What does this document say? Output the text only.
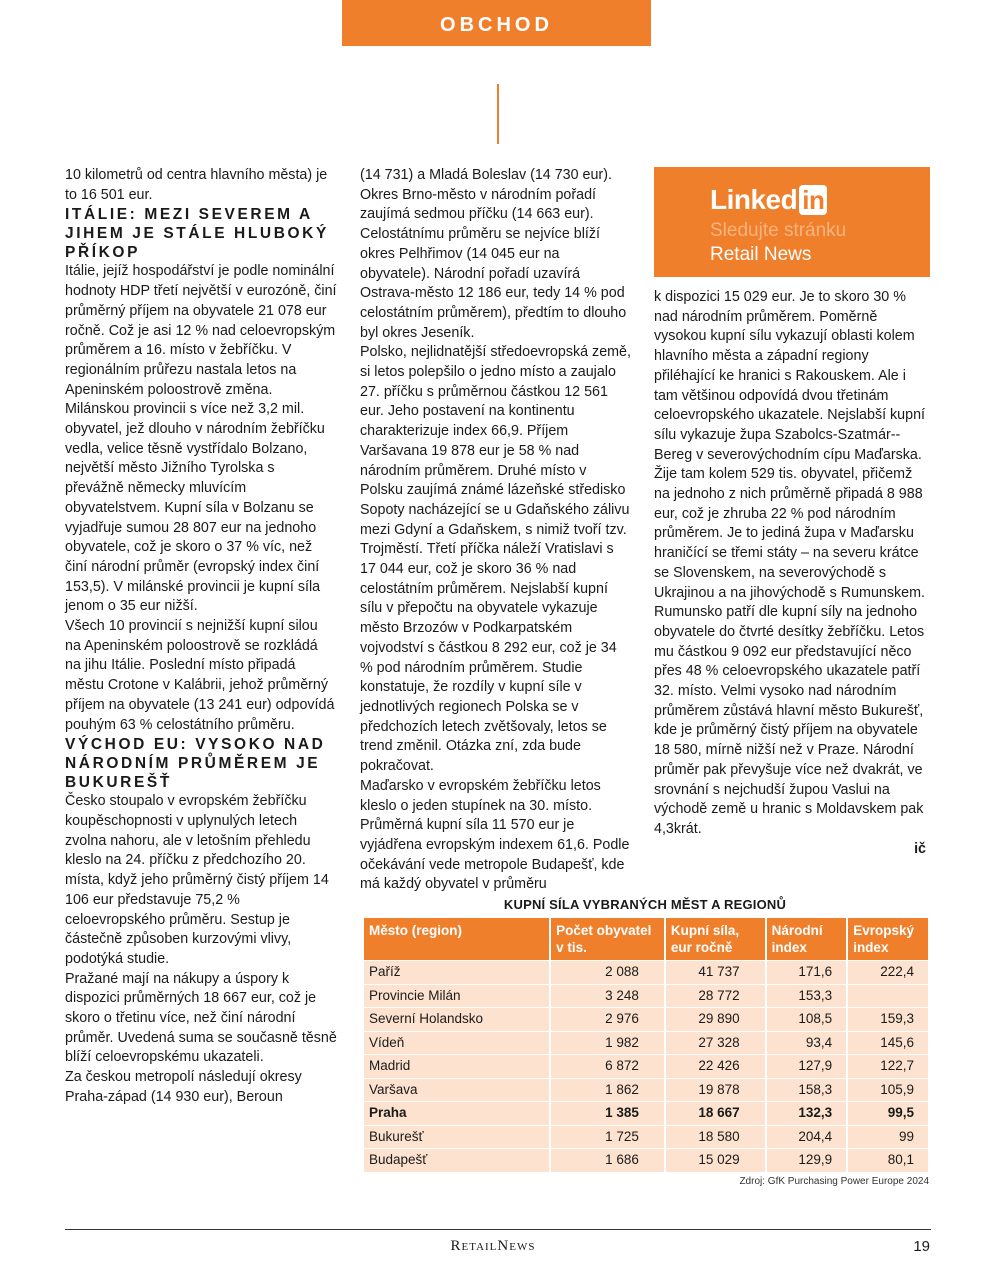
OBCHOD

10 kilometrů od centra hlavního města) je to 16 501 eur.

ITÁLIE: MEZI SEVEREM A JIHEM JE STÁLE HLUBOKÝ PŘÍKOP

Itálie, jejíž hospodářství je podle nominální hodnoty HDP třetí největší v eurozóně, činí průměrný příjem na obyvatele 21 078 eur ročně. Což je asi 12 % nad celoevropským průměrem a 16. místo v žebříčku. V regionálním průřezu nastala letos na Apeninském poloostrově změna. Milánskou provincii s více než 3,2 mil. obyvatel, jež dlouho v národním žebříčku vedla, velice těsně vystřídalo Bolzano, největší město Jižního Tyrolska s převážně německy mluvícím obyvatelstvem. Kupní síla v Bolzanu se vyjadřuje sumou 28 807 eur na jednoho obyvatele, což je skoro o 37 % víc, než činí národní průměr (evropský index činí 153,5). V milánské provincii je kupní síla jenom o 35 eur nižší.

Všech 10 provincií s nejnižší kupní silou na Apeninském poloostrově se rozkládá na jihu Itálie. Poslední místo připadá městu Crotone v Kalábrii, jehož průměrný příjem na obyvatele (13 241 eur) odpovídá pouhým 63 % celostátního průměru.

VÝCHOD EU: VYSOKO NAD NÁRODNÍM PRŮMĚREM JE BUKUREŠŤ

Česko stoupalo v evropském žebříčku koupěschopnosti v uplynulých letech zvolna nahoru, ale v letošním přehledu kleslo na 24. příčku z předchozího 20. místa, když jeho průměrný čistý příjem 14 106 eur představuje 75,2 % celoevropského průměru. Sestup je částečně způsoben kurzovými vlivy, podotýká studie.

Pražané mají na nákupy a úspory k dispozici průměrných 18 667 eur, což je skoro o třetinu více, než činí národní průměr. Uvedená suma se současně těsně blíží celoevropskému ukazateli.

Za českou metropolí následují okresy Praha-západ (14 930 eur), Beroun

(14 731) a Mladá Boleslav (14 730 eur). Okres Brno-město v národním pořadí zaujímá sedmou příčku (14 663 eur). Celostátnímu průměru se nejvíce blíží okres Pelhřimov (14 045 eur na obyvatele). Národní pořadí uzavírá Ostrava-město 12 186 eur, tedy 14 % pod celostátním průměrem), předtím to dlouho byl okres Jeseník.

Polsko, nejlidnatější středoevropská země, si letos polepšilo o jedno místo a zaujalo 27. příčku s průměrnou částkou 12 561 eur. Jeho postavení na kontinentu charakterizuje index 66,9. Příjem Varšavana 19 878 eur je 58 % nad národním průměrem. Druhé místo v Polsku zaujímá známé lázeňské středisko Sopoty nacházející se u Gdaňského zálivu mezi Gdyní a Gdaňskem, s nimiž tvoří tzv. Trojměstí. Třetí příčka náleží Vratislavi s 17 044 eur, což je skoro 36 % nad celostátním průměrem. Nejslabší kupní sílu v přepočtu na obyvatele vykazuje město Brzozów v Podkarpatském vojvodství s částkou 8 292 eur, což je 34 % pod národním průměrem. Studie konstatuje, že rozdíly v kupní síle v jednotlivých regionech Polska se v předchozích letech zvětšovaly, letos se trend změnil. Otázka zní, zda bude pokračovat.

Maďarsko v evropském žebříčku letos kleslo o jeden stupínek na 30. místo. Průměrná kupní síla 11 570 eur je vyjádřena evropským indexem 61,6. Podle očekávání vede metropole Budapešť, kde má každý obyvatel v průměru

Linked in
Sledujte stránku
Retail News

k dispozici 15 029 eur. Je to skoro 30 % nad národním průměrem. Poměrně vysokou kupní sílu vykazují oblasti kolem hlavního města a západní regiony přiléhající ke hranici s Rakouskem. Ale i tam většinou odpovídá dvou třetinám celoevropského ukazatele. Nejslabší kupní sílu vykazuje župa Szabolcs-Szatmár--Bereg v severovýchodním cípu Maďarska. Žije tam kolem 529 tis. obyvatel, přičemž na jednoho z nich průměrně připadá 8 988 eur, což je zhruba 22 % pod národním průměrem. Je to jediná župa v Maďarsku hraničící se třemi státy – na severu krátce se Slovenskem, na severovýchodě s Ukrajinou a na jihovýchodě s Rumunskem.

Rumunsko patří dle kupní síly na jednoho obyvatele do čtvrté desítky žebříčku. Letos mu částkou 9 092 eur představující něco přes 48 % celoevropského ukazatele patří 32. místo. Velmi vysoko nad národním průměrem zůstává hlavní město Bukurešť, kde je průměrný čistý příjem na obyvatele 18 580, mírně nižší než v Praze. Národní průměr pak převyšuje více než dvakrát, ve srovnání s nejchudší župou Vaslui na východě země u hranic s Moldavskem pak 4,3krát.

ič

KUPNÍ SÍLA VYBRANÝCH MĚST A REGIONŮ
Město (region)	Počet obyvatel v tis.	Kupní síla, eur ročně	Národní index	Evropský index
Paříž	2 088	41 737	171,6	222,4
Provincie Milán	3 248	28 772	153,3	
Severní Holandsko	2 976	29 890	108,5	159,3
Vídeň	1 982	27 328	93,4	145,6
Madrid	6 872	22 426	127,9	122,7
Varšava	1 862	19 878	158,3	105,9
Praha	1 385	18 667	132,3	99,5
Bukurešť	1 725	18 580	204,4	99
Budapešť	1 686	15 029	129,9	80,1
Zdroj: GfK Purchasing Power Europe 2024
RetailNews	19
